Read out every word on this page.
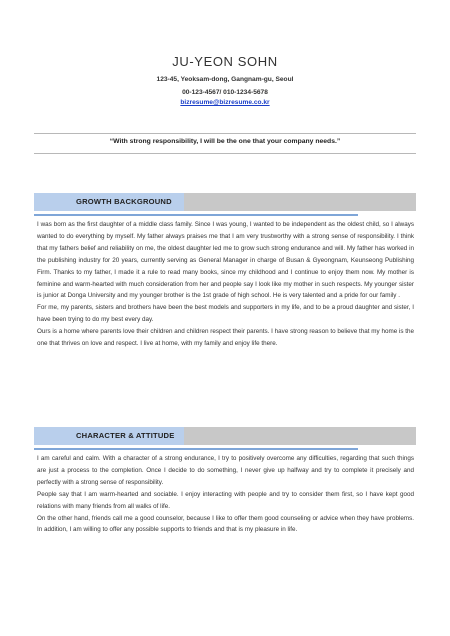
JU-YEON SOHN
123-45, Yeoksam-dong, Gangnam-gu, Seoul
00-123-4567/ 010-1234-5678
bizresume@bizresume.co.kr
“With strong responsibility, I will be the one that your company needs.”
GROWTH BACKGROUND

I was born as the first daughter of a middle class family. Since I was young, I wanted to be independent as the oldest child, so I always wanted to do everything by myself. My father always praises me that I am very trustworthy with a strong sense of responsibility. I think that my fathers belief and reliability on me, the oldest daughter led me to grow such strong endurance and will. My father has worked in the publishing industry for 20 years, currently serving as General Manager in charge of Busan & Gyeongnam, Keunseong Publishing Firm. Thanks to my father, I made it a rule to read many books, since my childhood and I continue to enjoy them now. My mother is feminine and warm-hearted with much consideration from her and people say I look like my mother in such respects. My younger sister is junior at Donga University and my younger brother is the 1st grade of high school. He is very talented and a pride for our family .

For me, my parents, sisters and brothers have been the best models and supporters in my life, and to be a proud daughter and sister, I have been trying to do my best every day.

Ours is a home where parents love their children and children respect their parents. I have strong reason to believe that my home is the one that thrives on love and respect. I live at home, with my family and enjoy life there.

CHARACTER & ATTITUDE

I am careful and calm. With a character of a strong endurance, I try to positively overcome any difficulties, regarding that such things are just a process to the completion. Once I decide to do something, I never give up halfway and try to complete it precisely and perfectly with a strong sense of responsibility.

People say that I am warm-hearted and sociable. I enjoy interacting with people and try to consider them first, so I have kept good relations with many friends from all walks of life.

On the other hand, friends call me a good counselor, because I like to offer them good counseling or advice when they have problems. In addition, I am willing to offer any possible supports to friends and that is my pleasure in life.
